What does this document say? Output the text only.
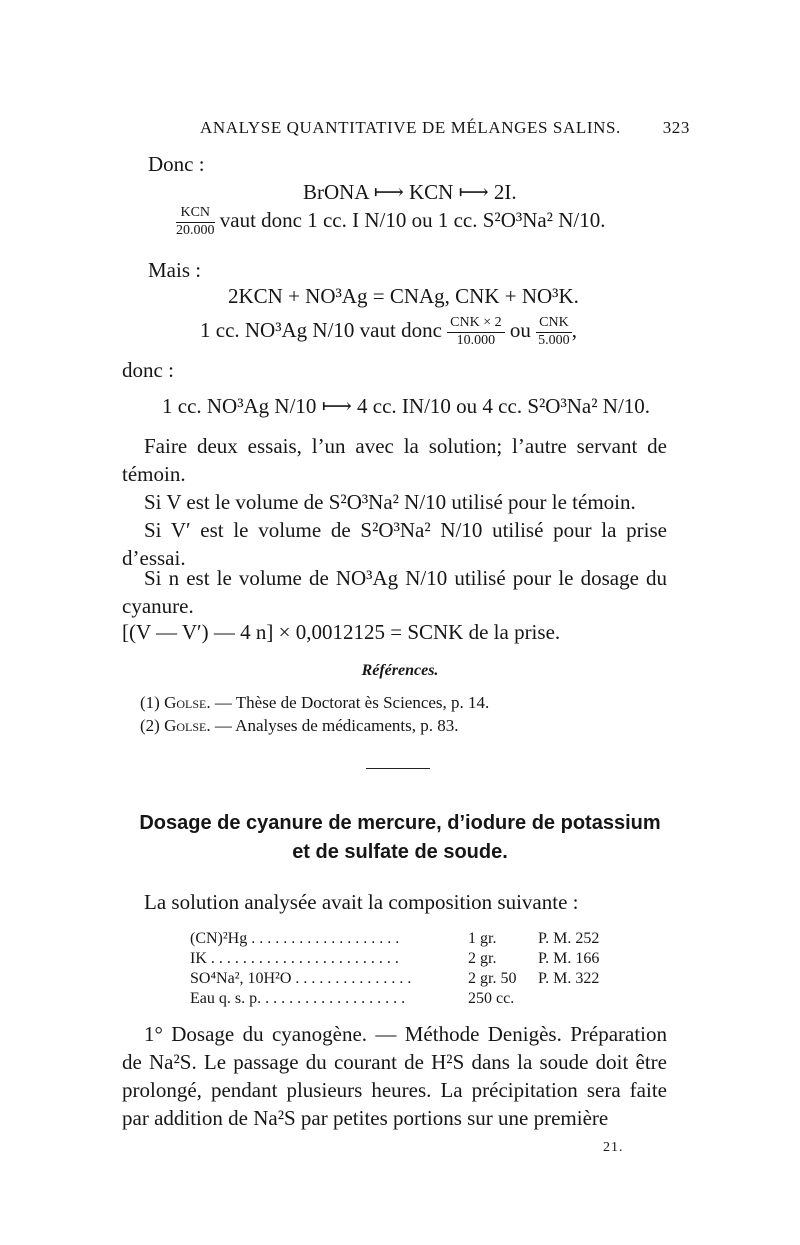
ANALYSE QUANTITATIVE DE MÉLANGES SALINS. 323
Donc :
BrONA ⟼ KCN ⟼ 2I.
$\frac{\text{KCN}}{20.000}$ vaut donc 1 cc. I N/10 ou 1 cc. S²O³Na² N/10.
Mais :
2KCN + NO³Ag = CNAg, CNK + NO³K.
1 cc. NO³Ag N/10 vaut donc $\frac{\text{CNK × 2}}{10.000}$ ou $\frac{\text{CNK}}{5.000}$ ,
donc :
1 cc. NO³Ag N/10 ⟼ 4 cc. IN/10 ou 4 cc. S²O³Na² N/10.
Faire deux essais, l’un avec la solution; l’autre servant de témoin.
Si V est le volume de S²O³Na² N/10 utilisé pour le témoin.
Si V′ est le volume de S²O³Na² N/10 utilisé pour la prise d’essai.
Si n est le volume de NO³Ag N/10 utilisé pour le dosage du cyanure.
[(V — V′) — 4 n] × 0,0012125 = SCNK de la prise.
Références.
(1) Golse. — Thèse de Doctorat ès Sciences, p. 14.
(2) Golse. — Analyses de médicaments, p. 83.
Dosage de cyanure de mercure, d’iodure de potassium
et de sulfate de soude.
La solution analysée avait la composition suivante :
(CN)²Hg . . . . . . . . . . . . . . . . . . .	1 gr.	P. M. 252
IK . . . . . . . . . . . . . . . . . . . . . . . .	2 gr.	P. M. 166
SO⁴Na², 10H²O . . . . . . . . . . . . . . .	2 gr. 50 P. M. 322
Eau q. s. p. . . . . . . . . . . . . . . . . . .	250 cc.
1° Dosage du cyanogène. — Méthode Denigès. Préparation de Na²S. Le passage du courant de H²S dans la soude doit être prolongé, pendant plusieurs heures. La précipitation sera faite par addition de Na²S par petites portions sur une première
21.
